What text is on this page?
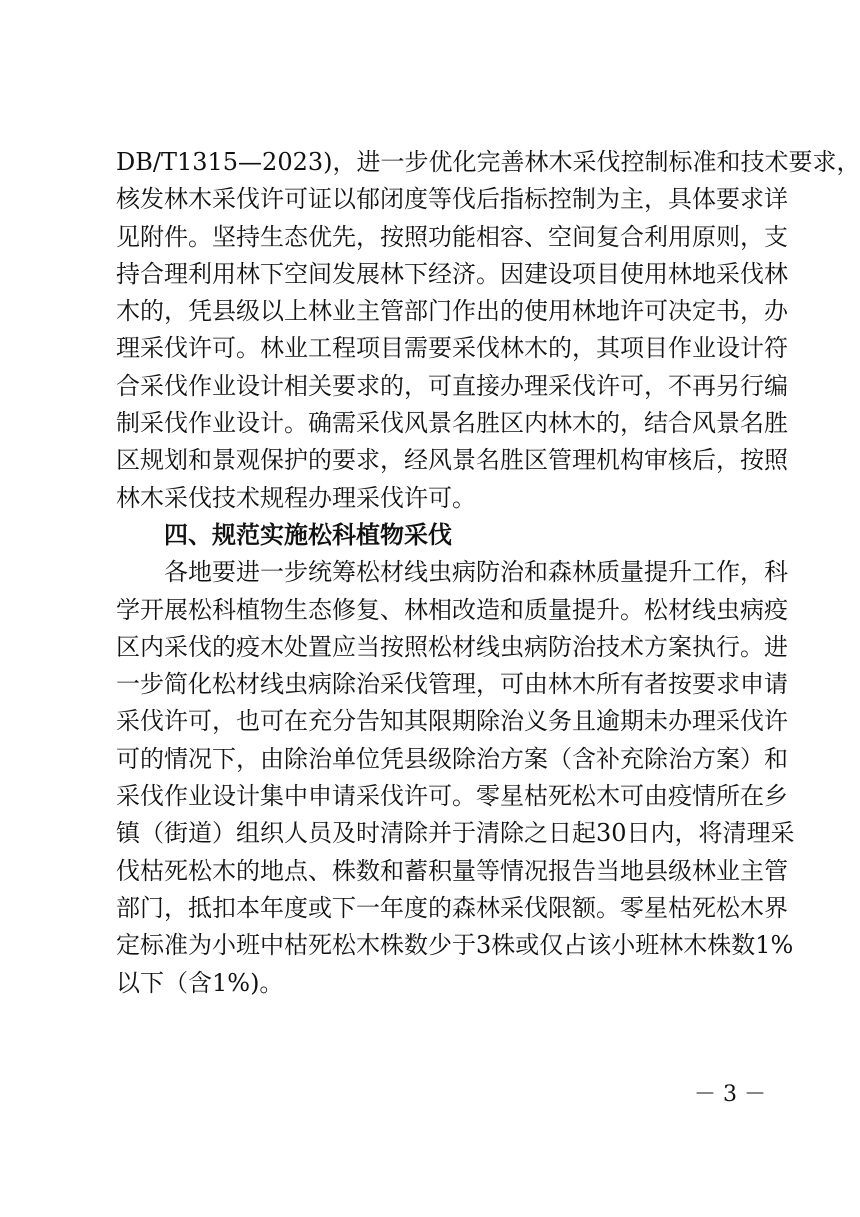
DB/T1315—2023)，进一步优化完善林木采伐控制标准和技术要求，
核发林木采伐许可证以郁闭度等伐后指标控制为主，具体要求详
见附件。坚持生态优先，按照功能相容、空间复合利用原则，支
持合理利用林下空间发展林下经济。因建设项目使用林地采伐林
木的，凭县级以上林业主管部门作出的使用林地许可决定书，办
理采伐许可。林业工程项目需要采伐林木的，其项目作业设计符
合采伐作业设计相关要求的，可直接办理采伐许可，不再另行编
制采伐作业设计。确需采伐风景名胜区内林木的，结合风景名胜
区规划和景观保护的要求，经风景名胜区管理机构审核后，按照
林木采伐技术规程办理采伐许可。
四、规范实施松科植物采伐
各地要进一步统筹松材线虫病防治和森林质量提升工作，科
学开展松科植物生态修复、林相改造和质量提升。松材线虫病疫
区内采伐的疫木处置应当按照松材线虫病防治技术方案执行。进
一步简化松材线虫病除治采伐管理，可由林木所有者按要求申请
采伐许可，也可在充分告知其限期除治义务且逾期未办理采伐许
可的情况下，由除治单位凭县级除治方案（含补充除治方案）和
采伐作业设计集中申请采伐许可。零星枯死松木可由疫情所在乡
镇（街道）组织人员及时清除并于清除之日起30日内，将清理采
伐枯死松木的地点、株数和蓄积量等情况报告当地县级林业主管
部门，抵扣本年度或下一年度的森林采伐限额。零星枯死松木界
定标准为小班中枯死松木株数少于3株或仅占该小班林木株数1%
以下（含1%)。
－ 3 －
